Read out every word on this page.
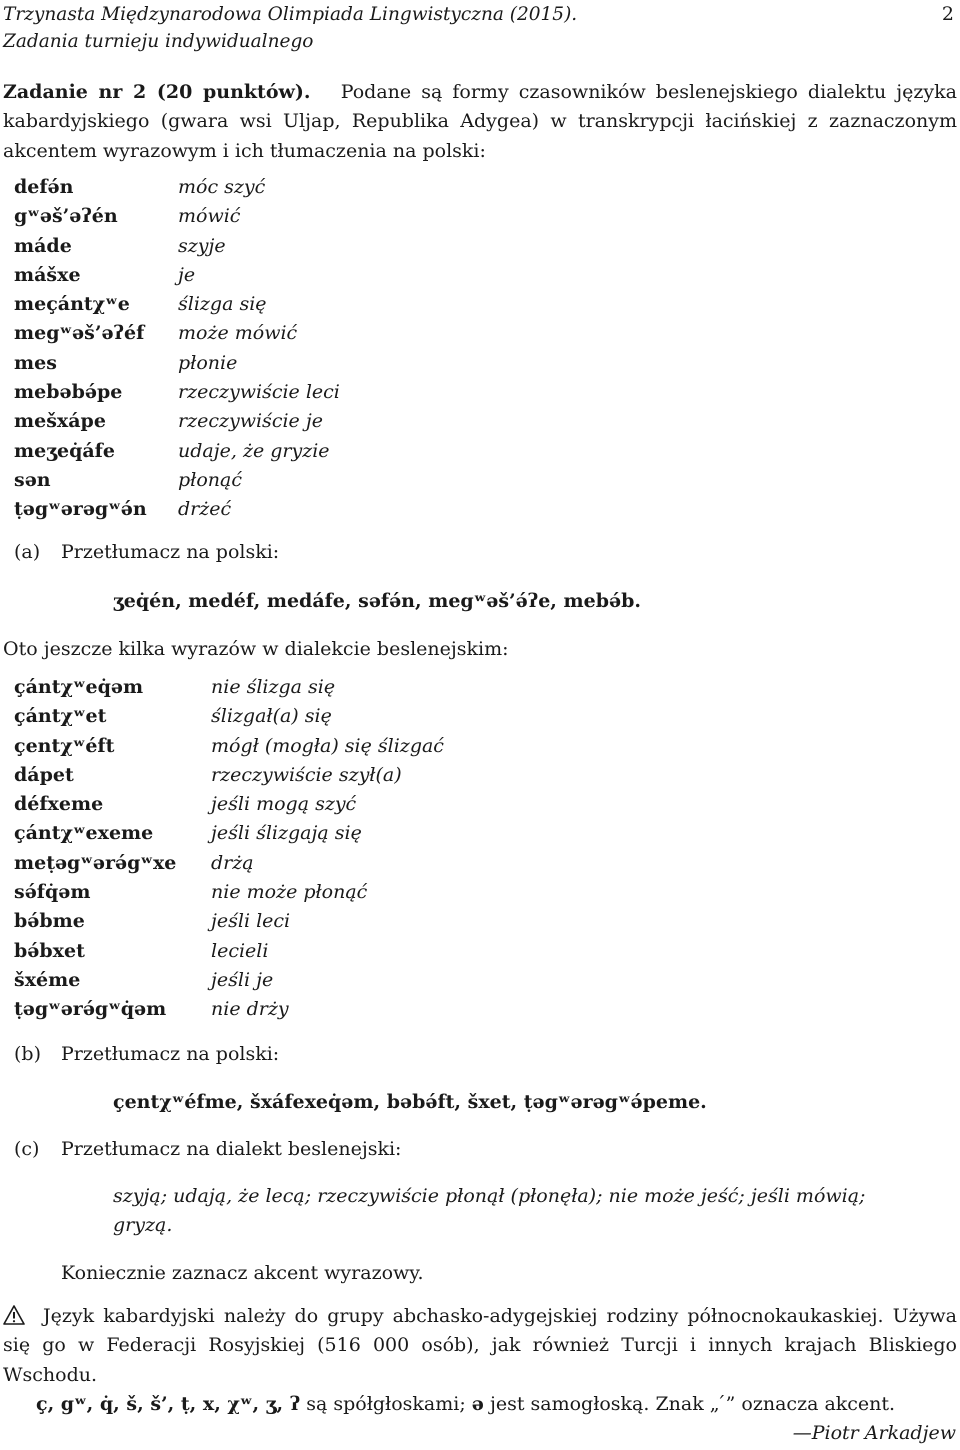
Trzynasta Międzynarodowa Olimpiada Lingwistyczna (2015).
Zadania turnieju indywidualnego
2

Zadanie nr 2 (20 punktów). Podane są formy czasowników beslenejskiego dialektu języka kabardyjskiego (gwara wsi Uljap, Republika Adygea) w transkrypcji łacińskiej z zaznaczonym akcentem wyrazowym i ich tłumaczenia na polski:

defə́n	móc szyć
gʷəš’əʔén	mówić
máde	szyje
mášxe	je
meçántχʷe	ślizga się
megʷəš’əʔéf może mówić
mes	płonie
mebəbə́pe	rzeczywiście leci
mešxápe	rzeczywiście je
meʒeq̇áfe	udaje, że gryzie
sən	płonąć
ṭəgʷərəgʷə́n drżeć
(a) Przetłumacz na polski:
ʒeq̇én, medéf, medáfe, səfə́n, megʷəš’ə́ʔe, mebə́b.
Oto jeszcze kilka wyrazów w dialekcie beslenejskim:
çántχʷeq̇əm	nie ślizga się
çántχʷet	ślizgał(a) się
çentχʷéft	mógł (mogła) się ślizgać
dápet	rzeczywiście szył(a)
défxeme	jeśli mogą szyć
çántχʷexeme	jeśli ślizgają się
meṭəgʷərə́gʷxe drżą
sə́fq̇əm	nie może płonąć
bə́bme	jeśli leci
bə́bxet	lecieli
šxéme	jeśli je
ṭəgʷərə́gʷq̇əm nie drży
(b) Przetłumacz na polski:
çentχʷéfme, šxáfexeq̇əm, bəbə́ft, šxet, ṭəgʷərəgʷə́peme.
(c) Przetłumacz na dialekt beslenejski:
szyją; udają, że lecą; rzeczywiście płonął (płonęła); nie może jeść; jeśli mówią;
gryzą.
Koniecznie zaznacz akcent wyrazowy.
Język kabardyjski należy do grupy abchasko-adygejskiej rodziny północnokaukaskiej. Używa się go w Federacji Rosyjskiej (516 000 osób), jak również Turcji i innych krajach Bliskiego Wschodu.
ç, gʷ, q̇, š, š’, ṭ, x, χʷ, ʒ, ʔ są spółgłoskami; ə jest samogłoską. Znak „ ́” oznacza akcent.
—Piotr Arkadjew
